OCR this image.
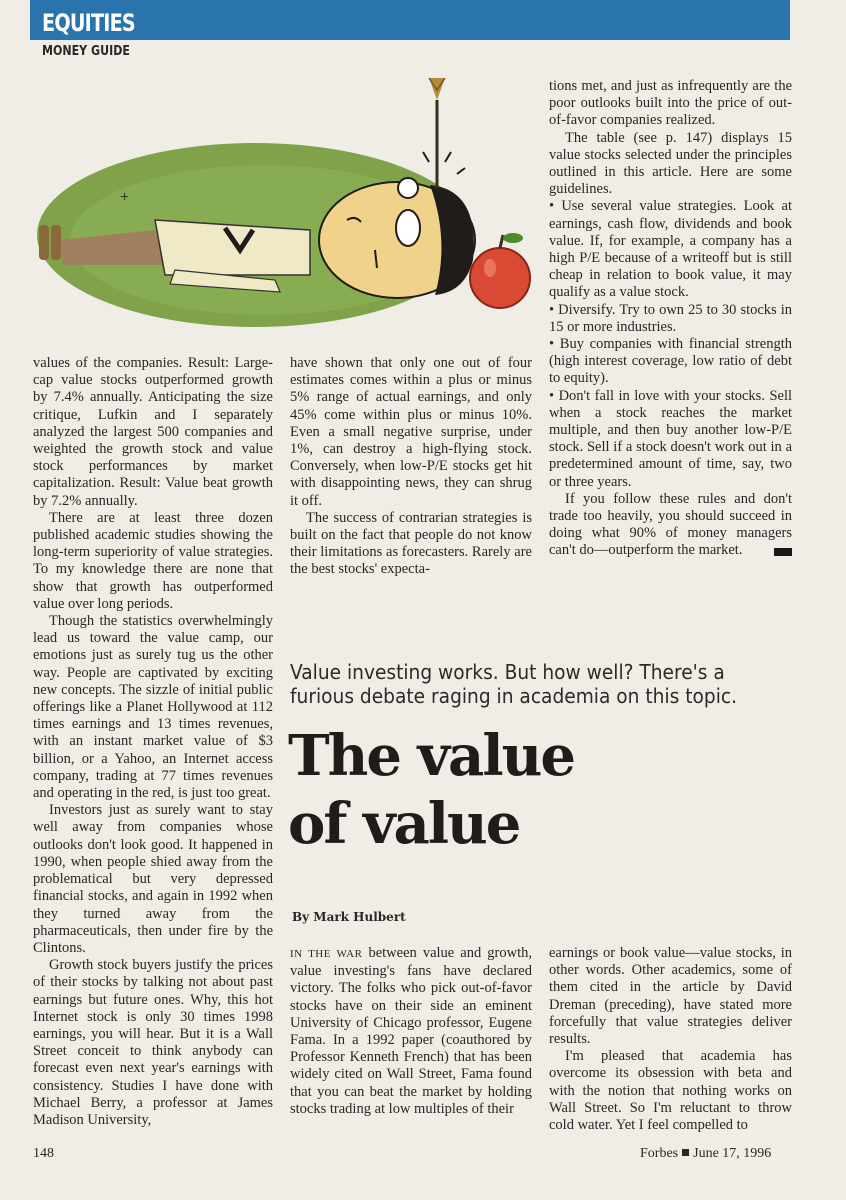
EQUITIES
MONEY GUIDE
+

values of the companies. Result: Large-cap value stocks outperformed growth by 7.4% annually. Anticipating the size critique, Lufkin and I separately analyzed the largest 500 companies and weighted the growth stock and value stock performances by market capitalization. Result: Value beat growth by 7.2% annually.

There are at least three dozen published academic studies showing the long-term superiority of value strategies. To my knowledge there are none that show that growth has outperformed value over long periods.

Though the statistics overwhelmingly lead us toward the value camp, our emotions just as surely tug us the other way. People are captivated by exciting new concepts. The sizzle of initial public offerings like a Planet Hollywood at 112 times earnings and 13 times revenues, with an instant market value of $3 billion, or a Yahoo, an Internet access company, trading at 77 times revenues and operating in the red, is just too great.

Investors just as surely want to stay well away from companies whose outlooks don't look good. It happened in 1990, when people shied away from the problematical but very depressed financial stocks, and again in 1992 when they turned away from the pharmaceuticals, then under fire by the Clintons.

Growth stock buyers justify the prices of their stocks by talking not about past earnings but future ones. Why, this hot Internet stock is only 30 times 1998 earnings, you will hear. But it is a Wall Street conceit to think anybody can forecast even next year's earnings with consistency. Studies I have done with Michael Berry, a professor at James Madison University,

have shown that only one out of four estimates comes within a plus or minus 5% range of actual earnings, and only 45% come within plus or minus 10%. Even a small negative surprise, under 1%, can destroy a high-flying stock. Conversely, when low-P/E stocks get hit with disappointing news, they can shrug it off.

The success of contrarian strategies is built on the fact that people do not know their limitations as forecasters. Rarely are the best stocks' expecta-

tions met, and just as infrequently are the poor outlooks built into the price of out-of-favor companies realized.

The table (see p. 147) displays 15 value stocks selected under the principles outlined in this article. Here are some guidelines.

• Use several value strategies. Look at earnings, cash flow, dividends and book value. If, for example, a company has a high P/E because of a writeoff but is still cheap in relation to book value, it may qualify as a value stock.

• Diversify. Try to own 25 to 30 stocks in 15 or more industries.

• Buy companies with financial strength (high interest coverage, low ratio of debt to equity).

• Don't fall in love with your stocks. Sell when a stock reaches the market multiple, and then buy another low-P/E stock. Sell if a stock doesn't work out in a predetermined amount of time, say, two or three years.

If you follow these rules and don't trade too heavily, you should succeed in doing what 90% of money managers can't do—outperform the market.

Value investing works. But how well? There's a furious debate raging in academia on this topic.
The value
of value
By Mark Hulbert

IN THE WAR between value and growth, value investing's fans have declared victory. The folks who pick out-of-favor stocks have on their side an eminent University of Chicago professor, Eugene Fama. In a 1992 paper (coauthored by Professor Kenneth French) that has been widely cited on Wall Street, Fama found that you can beat the market by holding stocks trading at low multiples of their

earnings or book value—value stocks, in other words. Other academics, some of them cited in the article by David Dreman (preceding), have stated more forcefully that value strategies deliver results.

I'm pleased that academia has overcome its obsession with beta and with the notion that nothing works on Wall Street. So I'm reluctant to throw cold water. Yet I feel compelled to

148	Forbes June 17, 1996
